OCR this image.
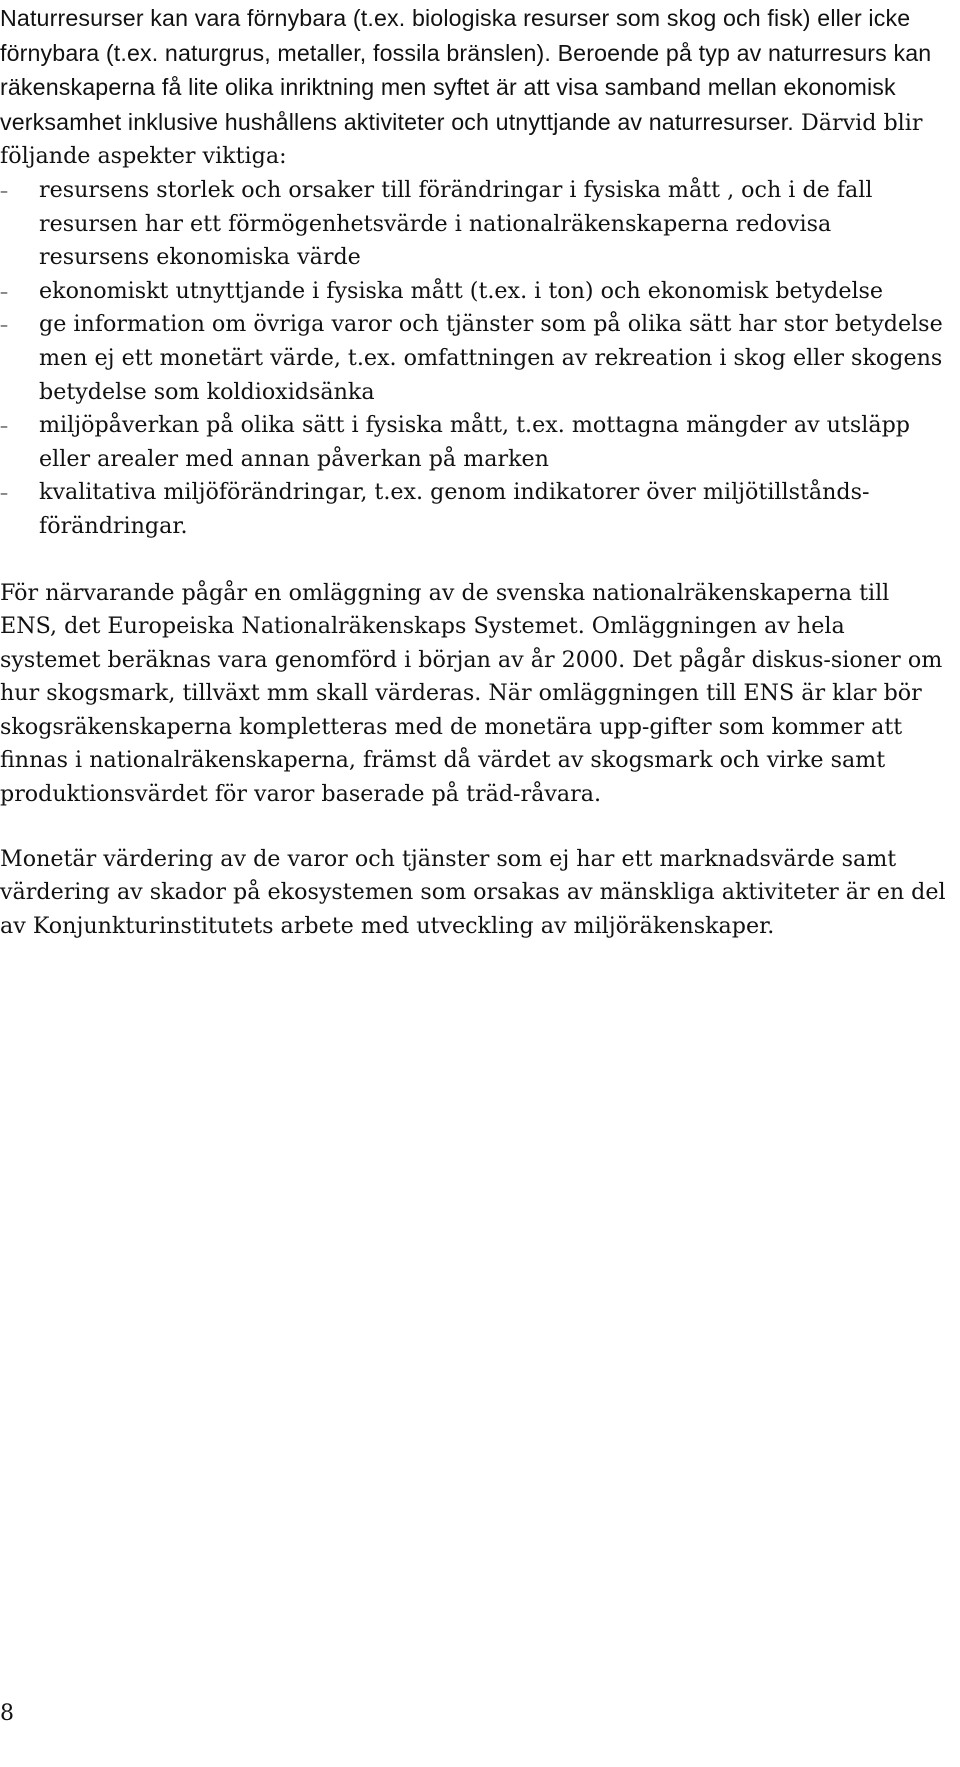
Naturresurser kan vara förnybara (t.ex. biologiska resurser som skog och fisk) eller icke förnybara (t.ex. naturgrus, metaller, fossila bränslen). Beroende på typ av naturresurs kan räkenskaperna få lite olika inriktning men syftet är att visa samband mellan ekonomisk verksamhet inklusive hushållens aktiviteter och utnyttjande av naturresurser. Därvid blir följande aspekter viktiga:

– resursens storlek och orsaker till förändringar i fysiska mått , och i de fall resursen har ett förmögenhetsvärde i nationalräkenskaperna redovisa resursens ekonomiska värde
– ekonomiskt utnyttjande i fysiska mått (t.ex. i ton) och ekonomisk betydelse
– ge information om övriga varor och tjänster som på olika sätt har stor betydelse men ej ett monetärt värde, t.ex. omfattningen av rekreation i skog eller skogens betydelse som koldioxidsänka
– miljöpåverkan på olika sätt i fysiska mått, t.ex. mottagna mängder av utsläpp eller arealer med annan påverkan på marken
– kvalitativa miljöförändringar, t.ex. genom indikatorer över miljötillstånds-förändringar.

För närvarande pågår en omläggning av de svenska nationalräkenskaperna till ENS, det Europeiska Nationalräkenskaps Systemet. Omläggningen av hela systemet beräknas vara genomförd i början av år 2000. Det pågår diskus-sioner om hur skogsmark, tillväxt mm skall värderas. När omläggningen till ENS är klar bör skogsräkenskaperna kompletteras med de monetära upp-gifter som kommer att finnas i nationalräkenskaperna, främst då värdet av skogsmark och virke samt produktionsvärdet för varor baserade på träd-råvara.

Monetär värdering av de varor och tjänster som ej har ett marknadsvärde samt värdering av skador på ekosystemen som orsakas av mänskliga aktiviteter är en del av Konjunkturinstitutets arbete med utveckling av miljöräkenskaper.

8
